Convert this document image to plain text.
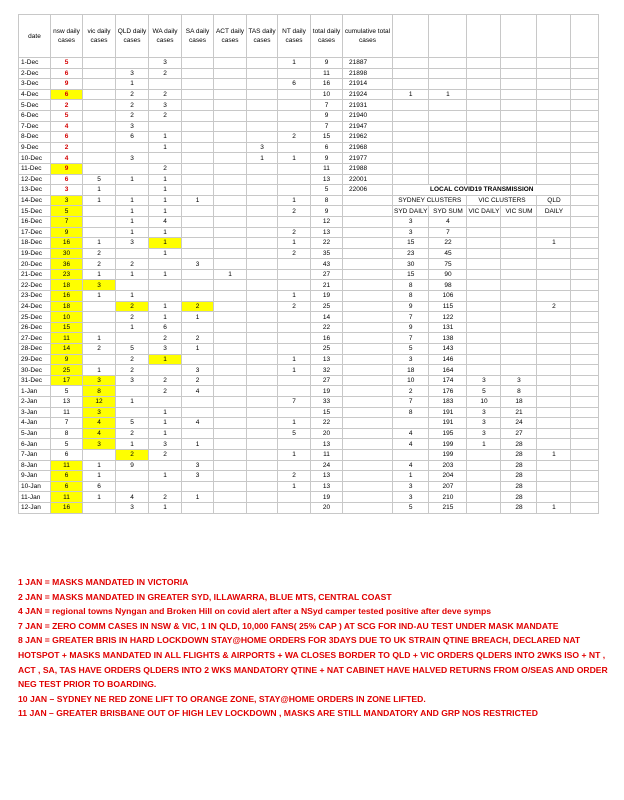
date	nsw daily cases	vic daily cases	QLD daily cases	WA daily cases	SA daily cases	ACT daily cases	TAS daily cases	NT daily cases	total daily cases	cumulative total cases						
1-Dec	5			3				1	9	21887						
2-Dec	6		3	2					11	21898						
3-Dec	9		1					6	16	21914						
4-Dec	6		2	2					10	21924	1	1				
5-Dec	2		2	3					7	21931						
6-Dec	5		2	2					9	21940						
7-Dec	4		3						7	21947						
8-Dec	6		6	1				2	15	21962						
9-Dec	2			1			3		6	21968						
10-Dec	4		3				1	1	9	21977						
11-Dec	9			2					11	21988						
12-Dec	6	5	1	1					13	22001						
13-Dec	3	1		1					5	22006	LOCAL COVID19 TRANSMISSION					
14-Dec	3	1	1	1	1			1	8		SYDNEY CLUSTERS		VIC CLUSTERS		QLD	
15-Dec	5		1	1				2	9		SYD DAILY	SYD SUM	VIC DAILY	VIC SUM	DAILY	
16-Dec	7		1	4					12		3	4				
17-Dec	9		1	1				2	13		3	7				
18-Dec	16	1	3	1				1	22		15	22			1	
19-Dec	30	2		1				2	35		23	45				
20-Dec	36	2	2		3				43		30	75				
21-Dec	23	1	1	1		1			27		15	90				
22-Dec	18	3							21		8	98				
23-Dec	16	1	1					1	19		8	106				
24-Dec	18		2	1	2			2	25		9	115			2	
25-Dec	10		2	1	1				14		7	122				
26-Dec	15		1	6					22		9	131				
27-Dec	11	1		2	2				16		7	138				
28-Dec	14	2	5	3	1				25		5	143				
29-Dec	9		2	1				1	13		3	146				
30-Dec	25	1	2		3			1	32		18	164				
31-Dec	17	3	3	2	2				27		10	174	3	3		
1-Jan	5	8		2	4				19		2	176	5	8		
2-Jan	13	12	1					7	33		7	183	10	18		
3-Jan	11	3		1					15		8	191	3	21		
4-Jan	7	4	5	1	4			1	22			191	3	24		
5-Jan	8	4	2	1				5	20		4	195	3	27		
6-Jan	5	3	1	3	1				13		4	199	1	28		
7-Jan	6		2	2				1	11			199		28	1	
8-Jan	11	1	9		3				24		4	203		28		
9-Jan	6	1		1	3			2	13		1	204		28		
10-Jan	6	6						1	13		3	207		28		
11-Jan	11	1	4	2	1				19		3	210		28		
12-Jan	16		3	1					20		5	215		28	1	

1 JAN = MASKS MANDATED IN VICTORIA

2 JAN = MASKS MANDATED IN GREATER SYD, ILLAWARRA, BLUE MTS, CENTRAL COAST

4 JAN = regional towns Nyngan and Broken Hill on covid alert after a NSyd camper tested positive after deve symps

7 JAN = ZERO COMM CASES IN NSW & VIC, 1 IN QLD, 10,000 FANS( 25% CAP ) AT SCG FOR IND-AU TEST UNDER MASK MANDATE

8 JAN = GREATER BRIS IN HARD LOCKDOWN STAY@HOME ORDERS FOR 3DAYS DUE TO UK STRAIN QTINE BREACH, DECLARED NAT HOTSPOT + MASKS MANDATED IN ALL FLIGHTS & AIRPORTS + WA CLOSES BORDER TO QLD + VIC ORDERS QLDERS INTO 2WKS ISO + NT , ACT , SA, TAS HAVE ORDERS QLDERS INTO 2 WKS MANDATORY QTINE + NAT CABINET HAVE HALVED RETURNS FROM O/SEAS AND ORDER NEG TEST PRIOR TO BOARDING.

10 JAN – SYDNEY NE RED ZONE LIFT TO ORANGE ZONE, STAY@HOME ORDERS IN ZONE LIFTED.

11 JAN – GREATER BRISBANE OUT OF HIGH LEV LOCKDOWN , MASKS ARE STILL MANDATORY AND GRP NOS RESTRICTED
